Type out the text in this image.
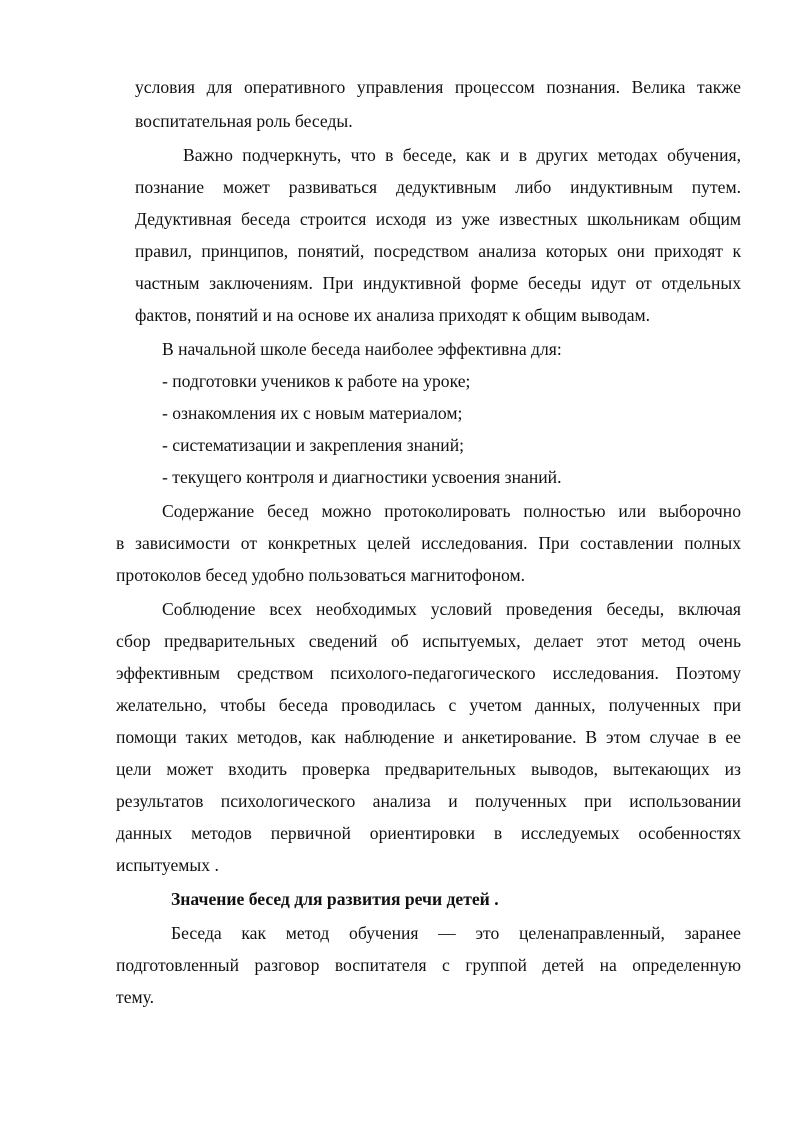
условия для оперативного управления процессом познания. Велика также
воспитательная роль беседы.
Важно подчеркнуть, что в беседе, как и в других методах обучения,
познание может развиваться дедуктивным либо индуктивным путем.
Дедуктивная беседа строится исходя из уже известных школьникам общим
правил, принципов, понятий, посредством анализа которых они приходят к
частным заключениям. При индуктивной форме беседы идут от отдельных
фактов, понятий и на основе их анализа приходят к общим выводам.
В начальной школе беседа наиболее эффективна для:
- подготовки учеников к работе на уроке;
- ознакомления их с новым материалом;
- систематизации и закрепления знаний;
- текущего контроля и диагностики усвоения знаний.
Содержание бесед можно протоколировать полностью или выборочно
в зависимости от конкретных целей исследования. При составлении полных
протоколов бесед удобно пользоваться магнитофоном.
Соблюдение всех необходимых условий проведения беседы, включая
сбор предварительных сведений об испытуемых, делает этот метод очень
эффективным средством психолого-педагогического исследования. Поэтому
желательно, чтобы беседа проводилась с учетом данных, полученных при
помощи таких методов, как наблюдение и анкетирование. В этом случае в ее
цели может входить проверка предварительных выводов, вытекающих из
результатов психологического анализа и полученных при использовании
данных методов первичной ориентировки в исследуемых особенностях
испытуемых .
Значение бесед для развития речи детей .
Беседа как метод обучения — это целенаправленный, заранее
подготовленный разговор воспитателя с группой детей на определенную
тему.
